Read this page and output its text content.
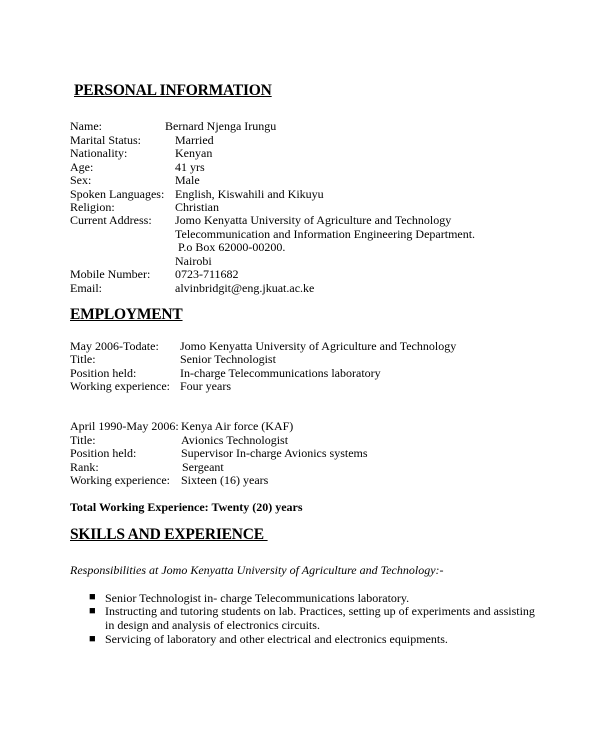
PERSONAL INFORMATION
Name:	Bernard Njenga Irungu
Marital Status:	Married
Nationality:	Kenyan
Age:	41 yrs
Sex:	Male
Spoken Languages: English, Kiswahili and Kikuyu
Religion:	Christian
Current Address: Jomo Kenyatta University of Agriculture and Technology
Telecommunication and Information Engineering Department.
P.o Box 62000-00200.
Nairobi
Mobile Number: 0723-711682
Email:	alvinbridgit@eng.jkuat.ac.ke
EMPLOYMENT
May 2006-Todate: Jomo Kenyatta University of Agriculture and Technology
Title:	Senior Technologist
Position held:	In-charge Telecommunications laboratory
Working experience: Four years
April 1990-May 2006: Kenya Air force (KAF)
Title:	Avionics Technologist
Position held:	Supervisor In-charge Avionics systems
Rank:	Sergeant
Working experience: Sixteen (16) years
Total Working Experience: Twenty (20) years
SKILLS AND EXPERIENCE
Responsibilities at Jomo Kenyatta University of Agriculture and Technology:-
■ Senior Technologist in- charge Telecommunications laboratory.
■ Instructing and tutoring students on lab. Practices, setting up of experiments and assisting in design and analysis of electronics circuits.
■ Servicing of laboratory and other electrical and electronics equipments.
